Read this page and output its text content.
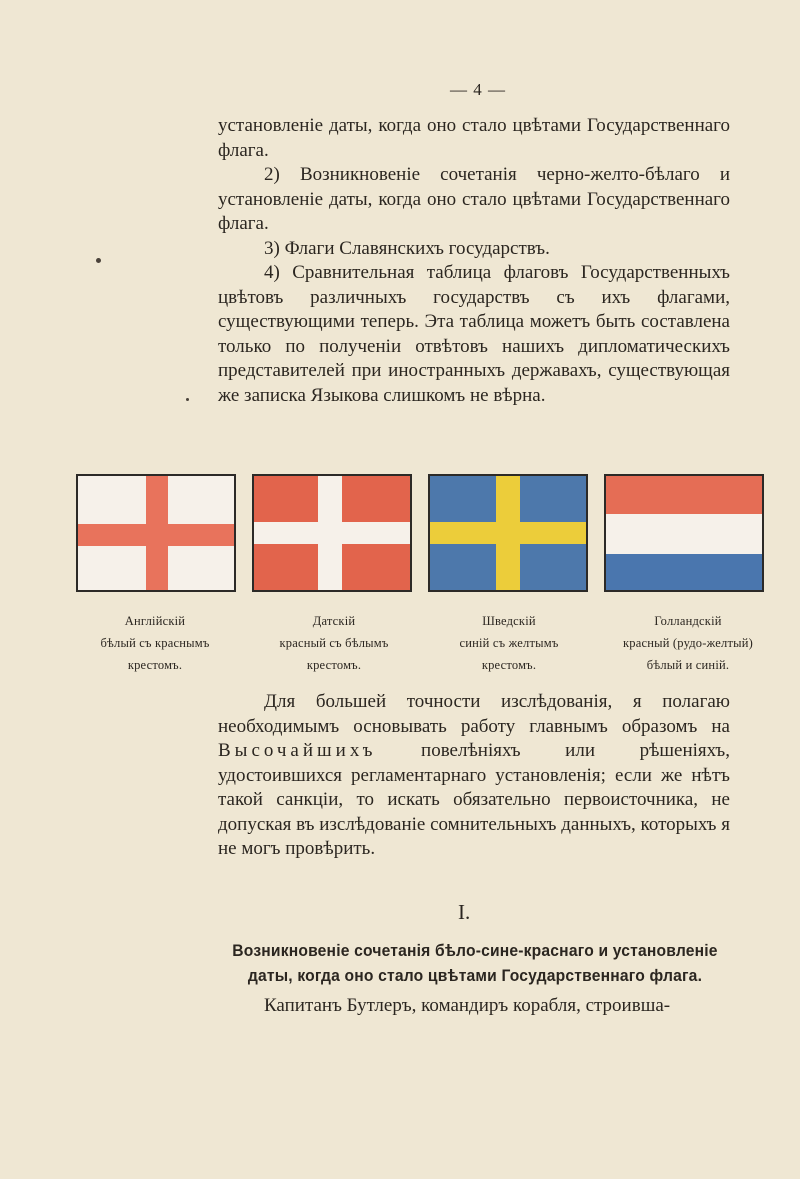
— 4 —

установленіе даты, когда оно стало цвѣтами Государственнаго флага.

2) Возникновеніе сочетанія черно-желто-бѣлаго и установленіе даты, когда оно стало цвѣтами Государственнаго флага.

3) Флаги Славянскихъ государствъ.

4) Сравнительная таблица флаговъ Государственныхъ цвѣтовъ различныхъ государствъ съ ихъ флагами, существующими теперь. Эта таблица можетъ быть составлена только по полученіи отвѣтовъ нашихъ дипломатическихъ представителей при иностранныхъ державахъ, существующая же записка Языкова слишкомъ не вѣрна.

Англійскій
бѣлый съ краснымъ
крестомъ.
Датскій
красный съ бѣлымъ
крестомъ.
Шведскій
синій съ желтымъ
крестомъ.
Голландскій
красный (рудо-желтый)
бѣлый и синій.

Для большей точности изслѣдованія, я полагаю необходимымъ основывать работу главнымъ образомъ на Высочайшихъ повелѣніяхъ или рѣшеніяхъ, удостоившихся регламентарнаго установленія; если же нѣтъ такой санкціи, то искать обязательно первоисточника, не допуская въ изслѣдованіе сомнительныхъ данныхъ, которыхъ я не могъ провѣрить.

I.
Возникновеніе сочетанія бѣло-сине-краснаго и установленіе даты, когда оно стало цвѣтами Государственнаго флага.
Капитанъ Бутлеръ, командиръ корабля, строивша-
